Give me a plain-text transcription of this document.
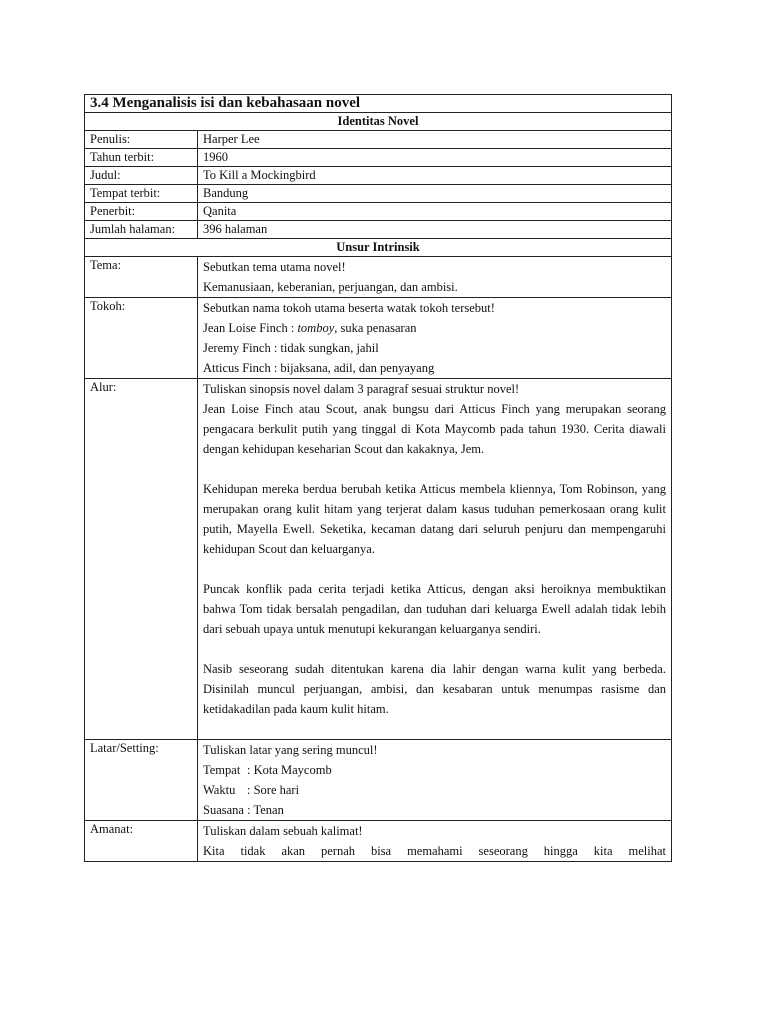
3.4 Menganalisis isi dan kebahasaan novel	
Identitas Novel	
Penulis:	Harper Lee
Tahun terbit:	1960
Judul:	To Kill a Mockingbird
Tempat terbit:	Bandung
Penerbit:	Qanita
Jumlah halaman:	396 halaman
Unsur Intrinsik	
Tema:	Sebutkan tema utama novel!

Kemanusiaan, keberanian, perjuangan, dan ambisi.

Tokoh:	Sebutkan nama tokoh utama beserta watak tokoh tersebut!

Jean Loise Finch : tomboy, suka penasaran

Jeremy Finch : tidak sungkan, jahil

Atticus Finch : bijaksana, adil, dan penyayang

Alur:	Tuliskan sinopsis novel dalam 3 paragraf sesuai struktur novel!

Jean Loise Finch atau Scout, anak bungsu dari Atticus Finch yang merupakan seorang pengacara berkulit putih yang tinggal di Kota Maycomb pada tahun 1930. Cerita diawali dengan kehidupan keseharian Scout dan kakaknya, Jem.

Kehidupan mereka berdua berubah ketika Atticus membela kliennya, Tom Robinson, yang merupakan orang kulit hitam yang terjerat dalam kasus tuduhan pemerkosaan orang kulit putih, Mayella Ewell. Seketika, kecaman datang dari seluruh penjuru dan mempengaruhi kehidupan Scout dan keluarganya.

Puncak konflik pada cerita terjadi ketika Atticus, dengan aksi heroiknya membuktikan bahwa Tom tidak bersalah pengadilan, dan tuduhan dari keluarga Ewell adalah tidak lebih dari sebuah upaya untuk menutupi kekurangan keluarganya sendiri.

Nasib seseorang sudah ditentukan karena dia lahir dengan warna kulit yang berbeda. Disinilah muncul perjuangan, ambisi, dan kesabaran untuk menumpas rasisme dan ketidakadilan pada kaum kulit hitam.

Latar/Setting:	Tuliskan latar yang sering muncul!

Tempat : Kota Maycomb

Waktu : Sore hari

Suasana : Tenan

Amanat:	Tuliskan dalam sebuah kalimat!

Kita tidak akan pernah bisa memahami seseorang hingga kita melihat
